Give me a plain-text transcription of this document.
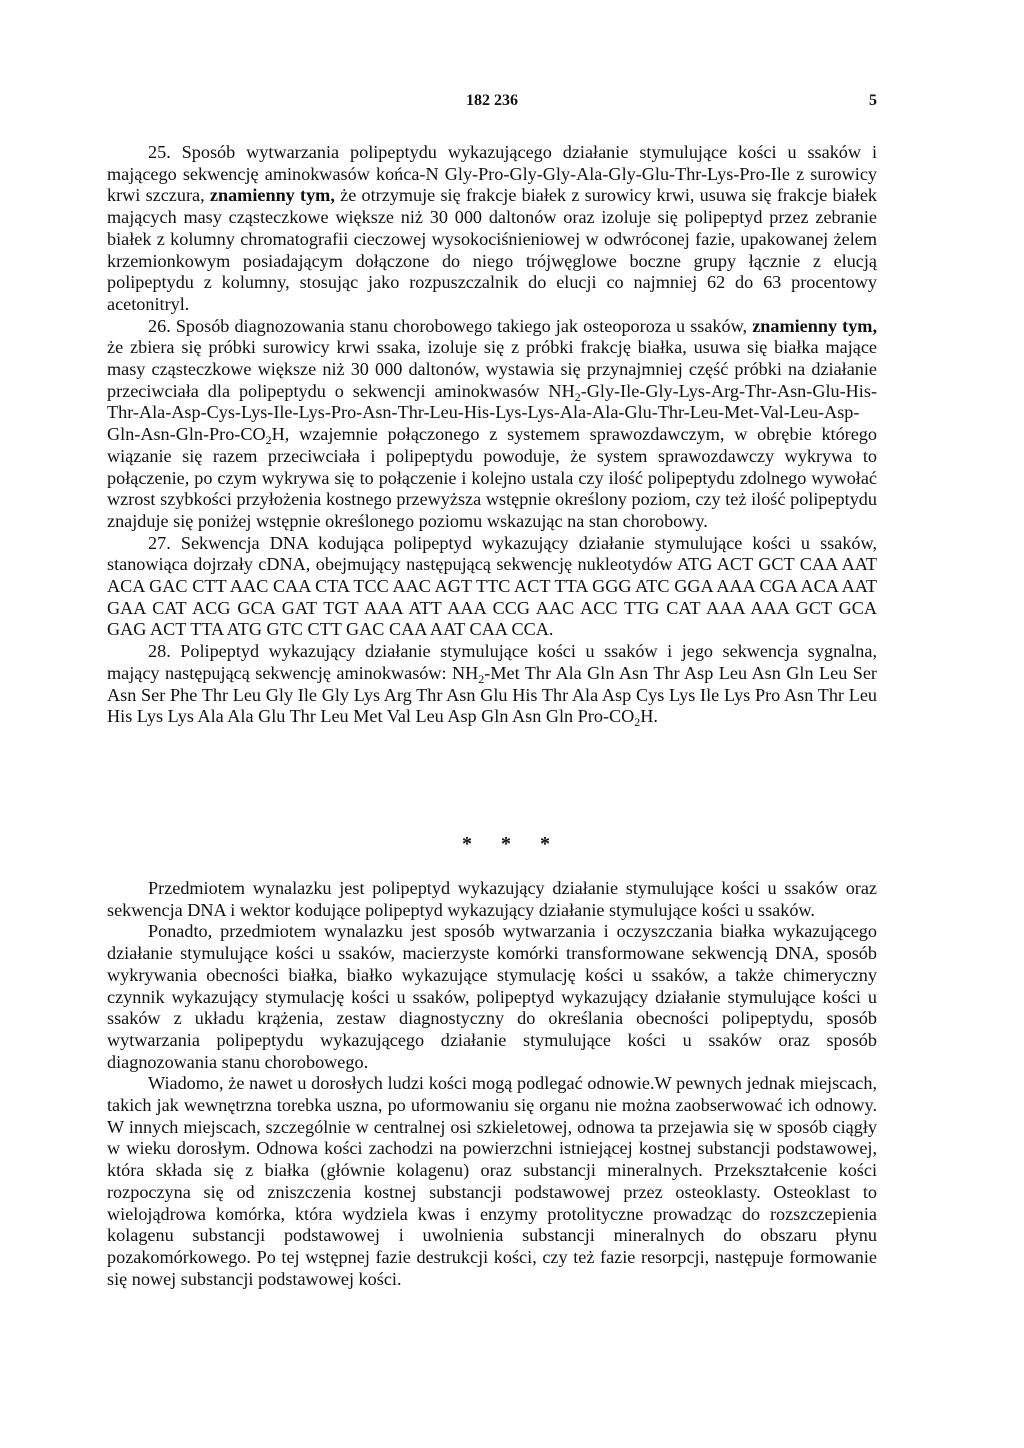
182 236	5

25. Sposób wytwarzania polipeptydu wykazującego działanie stymulujące kości u ssaków i mającego sekwencję aminokwasów końca-N Gly-Pro-Gly-Gly-Ala-Gly-Glu-Thr-Lys-Pro-Ile z surowicy krwi szczura, znamienny tym, że otrzymuje się frakcje białek z surowicy krwi, usuwa się frakcje białek mających masy cząsteczkowe większe niż 30 000 daltonów oraz izoluje się polipeptyd przez zebranie białek z kolumny chromatografii cieczowej wysokociśnieniowej w odwróconej fazie, upakowanej żelem krzemionkowym posiadającym dołączone do niego trójwęglowe boczne grupy łącznie z elucją polipeptydu z kolumny, stosując jako rozpuszczalnik do elucji co najmniej 62 do 63 procentowy acetonitryl.

26. Sposób diagnozowania stanu chorobowego takiego jak osteoporoza u ssaków, znamienny tym, że zbiera się próbki surowicy krwi ssaka, izoluje się z próbki frakcję białka, usuwa się białka mające masy cząsteczkowe większe niż 30 000 daltonów, wystawia się przynajmniej część próbki na działanie przeciwciała dla polipeptydu o sekwencji aminokwasów $NH_2-Gly-Ile-Gly-Lys-Arg-Thr-Asn-Glu-His-Thr-Ala-Asp-Cys-Lys-Ile-Lys-Pro-Asn-Thr-Leu-His-Lys-Lys-Ala-Ala-Glu-Thr-Leu-Met-$Val-$Leu-Asp-Gln-Asn-Gln-Pro-CO_2H$, wzajemnie połączonego z systemem sprawozdawczym, w obrębie którego wiązanie się razem przeciwciała i polipeptydu powoduje, że system sprawozdawczy wykrywa to połączenie, po czym wykrywa się to połączenie i kolejno ustala czy ilość polipeptydu zdolnego wywołać wzrost szybkości przyłożenia kostnego przewyższa wstępnie określony poziom, czy też ilość polipeptydu znajduje się poniżej wstępnie określonego poziomu wskazując na stan chorobowy.

27. Sekwencja DNA kodująca polipeptyd wykazujący działanie stymulujące kości u ssaków, stanowiąca dojrzały cDNA, obejmujący następującą sekwencję nukleotydów ATG ACT GCT CAA AAT ACA GAC CTT AAC CAA CTA TCC AAC AGT TTC ACT TTA GGG ATC GGA AAA CGA ACA AAT GAA CAT ACG GCA GAT TGT AAA ATT AAA CCG AAC ACC TTG CAT AAA AAA GCT GCA GAG ACT TTA ATG GTC CTT GAC CAA AAT CAA CCA.

28. Polipeptyd wykazujący działanie stymulujące kości u ssaków i jego sekwencja sygnalna, mający następującą sekwencję aminokwasów: $NH_2$-Met Thr Ala Gln Asn Thr Asp Leu Asn Gln Leu Ser Asn Ser Phe Thr Leu Gly Ile Gly Lys Arg Thr Asn Glu His Thr Ala Asp Cys Lys Ile Lys Pro Asn Thr Leu His Lys Lys Ala Ala Glu Thr Leu Met Val Leu Asp Gln Asn Gln Pro-$CO_2H$.

* * *

Przedmiotem wynalazku jest polipeptyd wykazujący działanie stymulujące kości u ssaków oraz sekwencja DNA i wektor kodujące polipeptyd wykazujący działanie stymulujące kości u ssaków.

Ponadto, przedmiotem wynalazku jest sposób wytwarzania i oczyszczania białka wykazującego działanie stymulujące kości u ssaków, macierzyste komórki transformowane sekwencją DNA, sposób wykrywania obecności białka, białko wykazujące stymulację kości u ssaków, a także chimeryczny czynnik wykazujący stymulację kości u ssaków, polipeptyd wykazujący działanie stymulujące kości u ssaków z układu krążenia, zestaw diagnostyczny do określania obecności polipeptydu, sposób wytwarzania polipeptydu wykazującego działanie stymulujące kości u ssaków oraz sposób diagnozowania stanu chorobowego.

Wiadomo, że nawet u dorosłych ludzi kości mogą podlegać odnowie.W pewnych jednak miejscach, takich jak wewnętrzna torebka uszna, po uformowaniu się organu nie można zaobserwować ich odnowy. W innych miejscach, szczególnie w centralnej osi szkieletowej, odnowa ta przejawia się w sposób ciągły w wieku dorosłym. Odnowa kości zachodzi na powierzchni istniejącej kostnej substancji podstawowej, która składa się z białka (głównie kolagenu) oraz substancji mineralnych. Przekształcenie kości rozpoczyna się od zniszczenia kostnej substancji podstawowej przez osteoklasty. Osteoklast to wielojądrowa komórka, która wydziela kwas i enzymy protolityczne prowadząc do rozszczepienia kolagenu substancji podstawowej i uwolnienia substancji mineralnych do obszaru płynu pozakomórkowego. Po tej wstępnej fazie destrukcji kości, czy też fazie resorpcji, następuje formowanie się nowej substancji podstawowej kości.
